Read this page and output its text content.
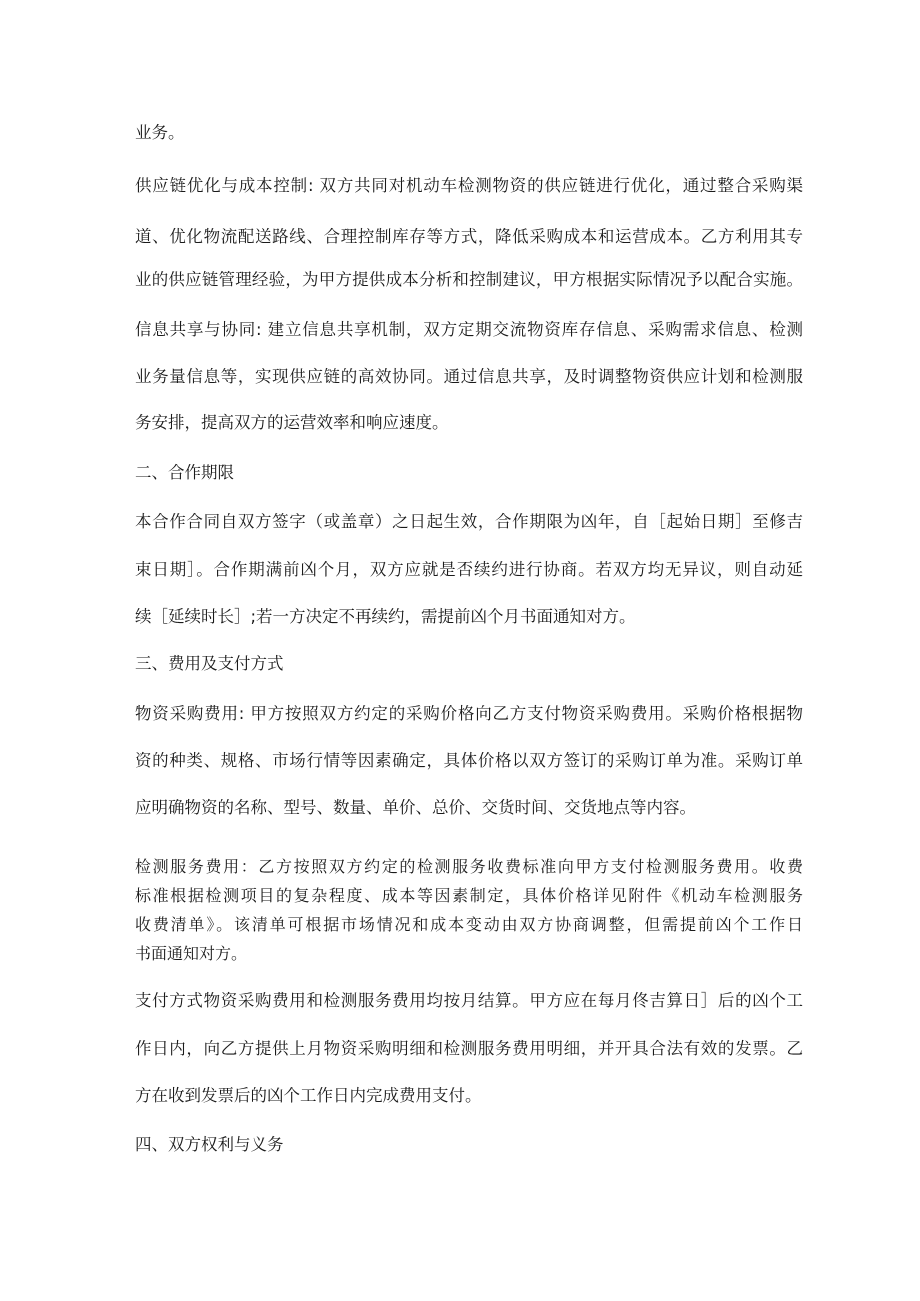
业务。

供应链优化与成本控制: 双方共同对机动车检测物资的供应链进行优化，通过整合采购渠

道、优化物流配送路线、合理控制库存等方式，降低采购成本和运营成本。乙方利用其专

业的供应链管理经验，为甲方提供成本分析和控制建议，甲方根据实际情况予以配合实施。

信息共享与协同: 建立信息共享机制，双方定期交流物资库存信息、采购需求信息、检测

业务量信息等，实现供应链的高效协同。通过信息共享，及时调整物资供应计划和检测服

务安排，提高双方的运营效率和响应速度。

二、合作期限

本合作合同自双方签字（或盖章）之日起生效，合作期限为凶年，自［起始日期］至修吉

束日期］。合作期满前凶个月，双方应就是否续约进行协商。若双方均无异议，则自动延

续［延续时长］;若一方决定不再续约，需提前凶个月书面通知对方。

三、费用及支付方式

物资采购费用: 甲方按照双方约定的采购价格向乙方支付物资采购费用。采购价格根据物

资的种类、规格、市场行情等因素确定，具体价格以双方签订的采购订单为准。采购订单

应明确物资的名称、型号、数量、单价、总价、交货时间、交货地点等内容。

检测服务费用：乙方按照双方约定的检测服务收费标准向甲方支付检测服务费用。收费

标准根据检测项目的复杂程度、成本等因素制定，具体价格详见附件《机动车检测服务

收费清单》。该清单可根据市场情况和成本变动由双方协商调整，但需提前凶个工作日

书面通知对方。

支付方式物资采购费用和检测服务费用均按月结算。甲方应在每月佟吉算日］后的凶个工

作日内，向乙方提供上月物资采购明细和检测服务费用明细，并开具合法有效的发票。乙

方在收到发票后的凶个工作日内完成费用支付。

四、双方权利与义务
